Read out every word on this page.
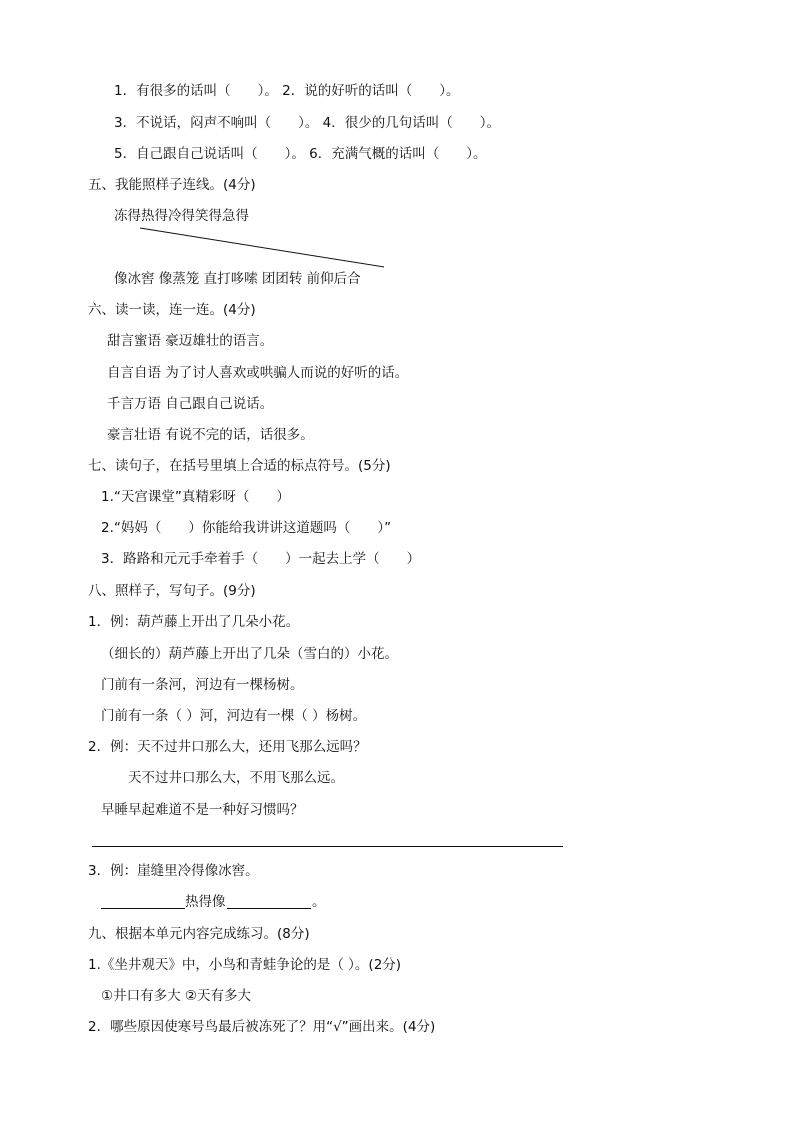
1．有很多的话叫（　　）。 2．说的好听的话叫（　　）。
3．不说话，闷声不响叫（　　）。 4．很少的几句话叫（　　）。
5．自己跟自己说话叫（　　）。 6．充满气概的话叫（　　）。
五、我能照样子连线。(4分)
冻得热得冷得笑得急得
像冰窖 像蒸笼 直打哆嗦 团团转 前仰后合
六、读一读，连一连。(4分)
甜言蜜语 豪迈雄壮的语言。
自言自语 为了讨人喜欢或哄骗人而说的好听的话。
千言万语 自己跟自己说话。
豪言壮语 有说不完的话，话很多。
七、读句子，在括号里填上合适的标点符号。(5分)
1.“天宫课堂”真精彩呀（　　）
2.“妈妈（　　）你能给我讲讲这道题吗（　　）”
3．路路和元元手牵着手（　　）一起去上学（　　）
八、照样子，写句子。(9分)
1．例：葫芦藤上开出了几朵小花。
（细长的）葫芦藤上开出了几朵（雪白的）小花。
门前有一条河，河边有一棵杨树。
门前有一条（ ）河，河边有一棵（ ）杨树。
2．例：天不过井口那么大，还用飞那么远吗？
天不过井口那么大，不用飞那么远。
早睡早起难道不是一种好习惯吗？
3．例：崖缝里冷得像冰窖。
热得像	。
九、根据本单元内容完成练习。(8分)
1.《坐井观天》中，小鸟和青蛙争论的是（ ）。(2分)
①井口有多大 ②天有多大
2．哪些原因使寒号鸟最后被冻死了？用“√”画出来。(4分)
